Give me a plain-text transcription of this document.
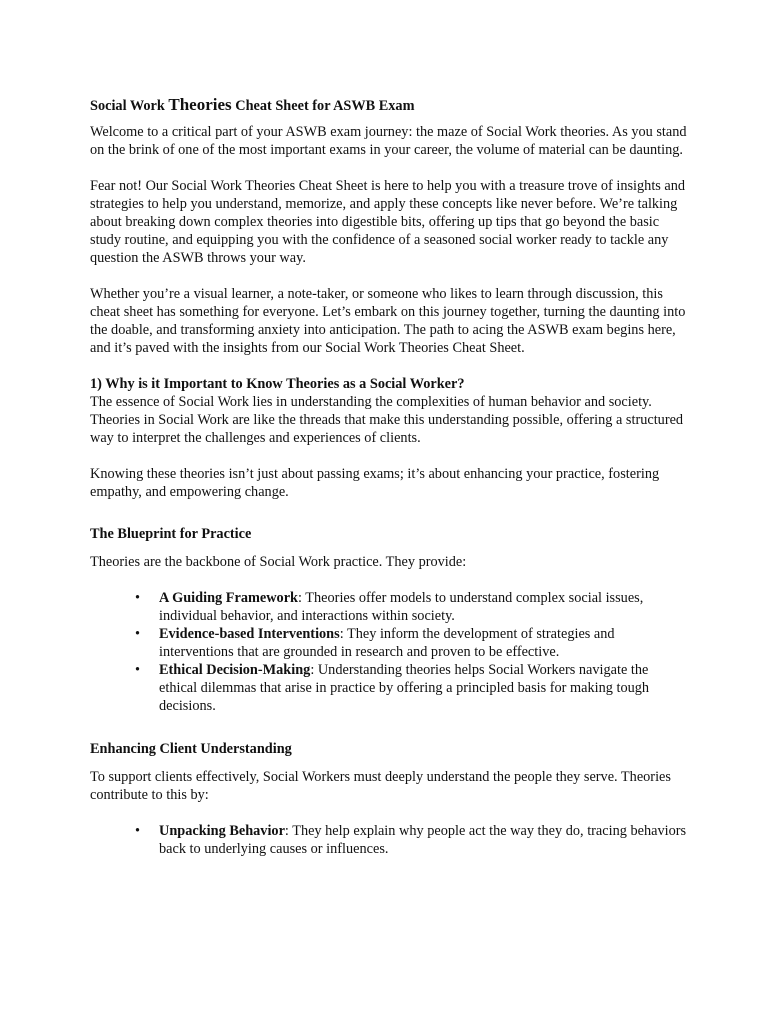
Social Work Theories Cheat Sheet for ASWB Exam

Welcome to a critical part of your ASWB exam journey: the maze of Social Work theories. As you stand on the brink of one of the most important exams in your career, the volume of material can be daunting.

Fear not! Our Social Work Theories Cheat Sheet is here to help you with a treasure trove of insights and strategies to help you understand, memorize, and apply these concepts like never before. We’re talking about breaking down complex theories into digestible bits, offering up tips that go beyond the basic study routine, and equipping you with the confidence of a seasoned social worker ready to tackle any question the ASWB throws your way.

Whether you’re a visual learner, a note-taker, or someone who likes to learn through discussion, this cheat sheet has something for everyone. Let’s embark on this journey together, turning the daunting into the doable, and transforming anxiety into anticipation. The path to acing the ASWB exam begins here, and it’s paved with the insights from our Social Work Theories Cheat Sheet.

1) Why is it Important to Know Theories as a Social Worker?

The essence of Social Work lies in understanding the complexities of human behavior and society. Theories in Social Work are like the threads that make this understanding possible, offering a structured way to interpret the challenges and experiences of clients.

Knowing these theories isn’t just about passing exams; it’s about enhancing your practice, fostering empathy, and empowering change.

The Blueprint for Practice

Theories are the backbone of Social Work practice. They provide:

• A Guiding Framework: Theories offer models to understand complex social issues, individual behavior, and interactions within society.
• Evidence-based Interventions: They inform the development of strategies and interventions that are grounded in research and proven to be effective.
• Ethical Decision-Making: Understanding theories helps Social Workers navigate the ethical dilemmas that arise in practice by offering a principled basis for making tough decisions.

Enhancing Client Understanding

To support clients effectively, Social Workers must deeply understand the people they serve. Theories contribute to this by:

• Unpacking Behavior: They help explain why people act the way they do, tracing behaviors back to underlying causes or influences.
